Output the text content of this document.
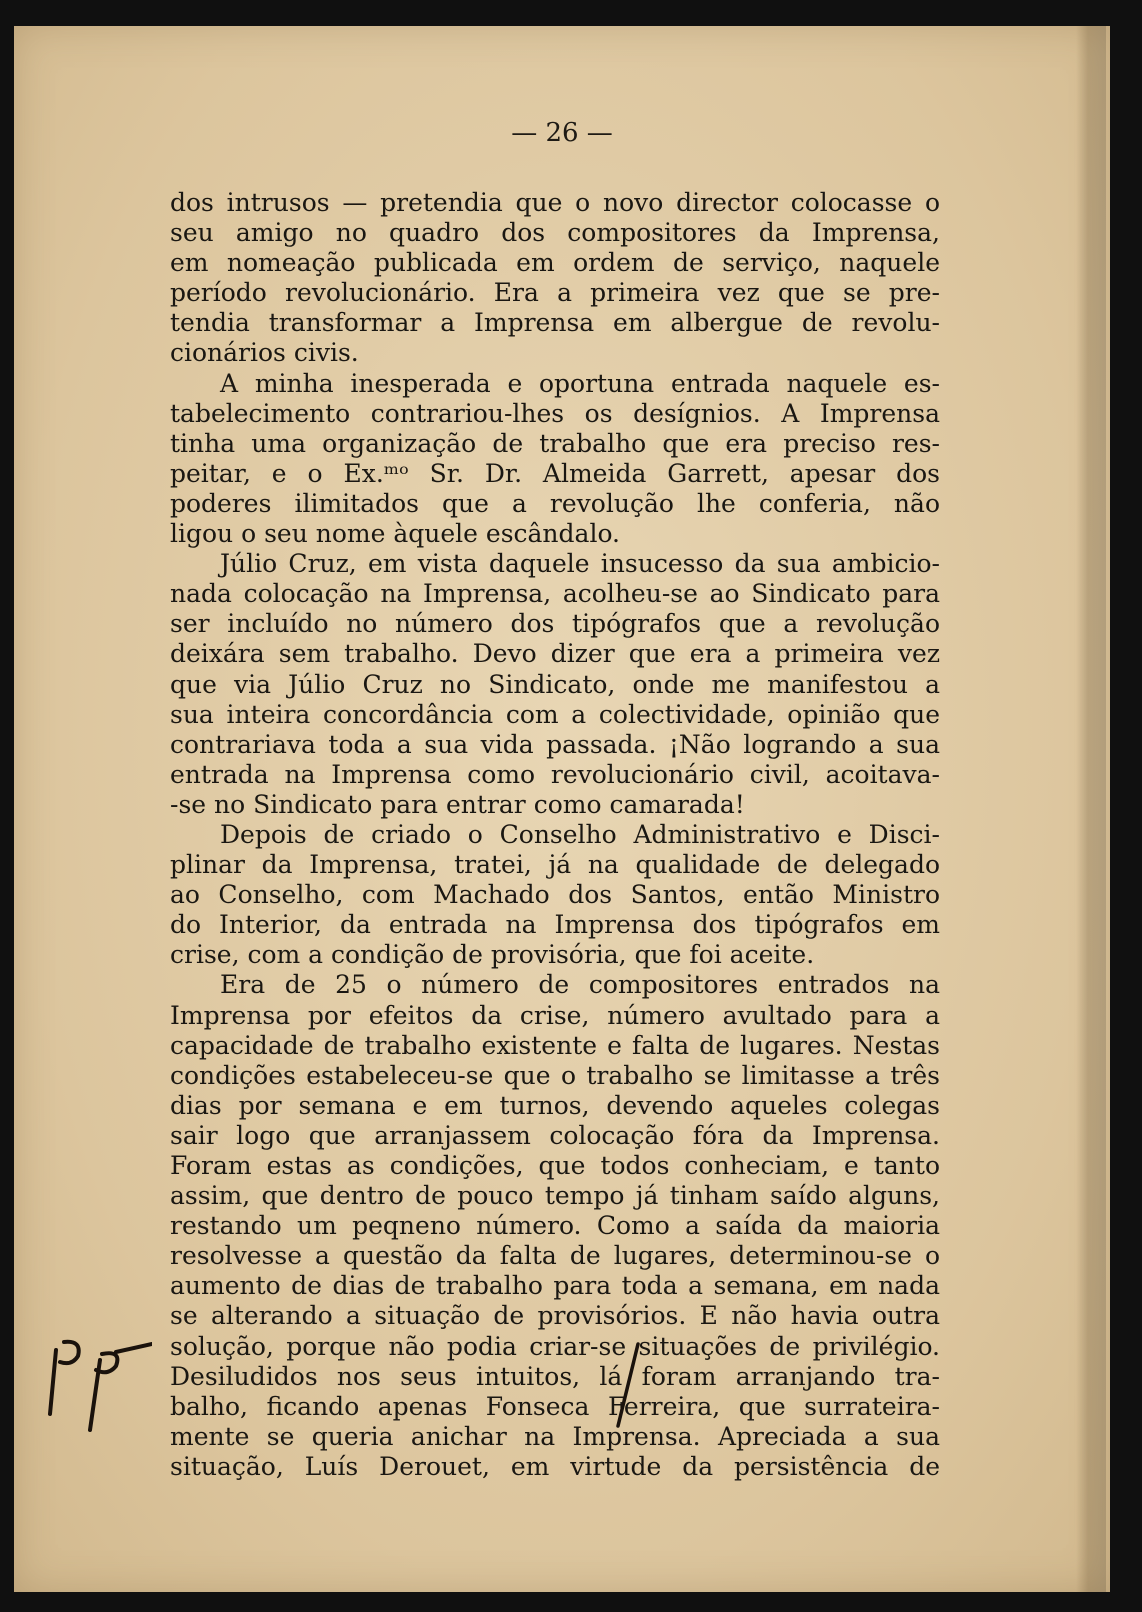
— 26 —
dos intrusos — pretendia que o novo director colocasse o
seu amigo no quadro dos compositores da Imprensa,
em nomeação publicada em ordem de serviço, naquele
período revolucionário. Era a primeira vez que se pre-
tendia transformar a Imprensa em albergue de revolu-
cionários civis.
A minha inesperada e oportuna entrada naquele es-
tabelecimento contrariou-lhes os desígnios. A Imprensa
tinha uma organização de trabalho que era preciso res-
peitar, e o Ex.ᵐᵒ Sr. Dr. Almeida Garrett, apesar dos
poderes ilimitados que a revolução lhe conferia, não
ligou o seu nome àquele escândalo.
Júlio Cruz, em vista daquele insucesso da sua ambicio-
nada colocação na Imprensa, acolheu-se ao Sindicato para
ser incluído no número dos tipógrafos que a revolução
deixára sem trabalho. Devo dizer que era a primeira vez
que via Júlio Cruz no Sindicato, onde me manifestou a
sua inteira concordância com a colectividade, opinião que
contrariava toda a sua vida passada. ¡Não logrando a sua
entrada na Imprensa como revolucionário civil, acoitava-
-se no Sindicato para entrar como camarada!
Depois de criado o Conselho Administrativo e Disci-
plinar da Imprensa, tratei, já na qualidade de delegado
ao Conselho, com Machado dos Santos, então Ministro
do Interior, da entrada na Imprensa dos tipógrafos em
crise, com a condição de provisória, que foi aceite.
Era de 25 o número de compositores entrados na
Imprensa por efeitos da crise, número avultado para a
capacidade de trabalho existente e falta de lugares. Nestas
condições estabeleceu-se que o trabalho se limitasse a três
dias por semana e em turnos, devendo aqueles colegas
sair logo que arranjassem colocação fóra da Imprensa.
Foram estas as condições, que todos conheciam, e tanto
assim, que dentro de pouco tempo já tinham saído alguns,
restando um peqneno número. Como a saída da maioria
resolvesse a questão da falta de lugares, determinou-se o
aumento de dias de trabalho para toda a semana, em nada
se alterando a situação de provisórios. E não havia outra
solução, porque não podia criar-se situações de privilégio.
Desiludidos nos seus intuitos, lá foram arranjando tra-
balho, ficando apenas Fonseca Ferreira, que surrateira-
mente se queria anichar na Imprensa. Apreciada a sua
situação, Luís Derouet, em virtude da persistência de
